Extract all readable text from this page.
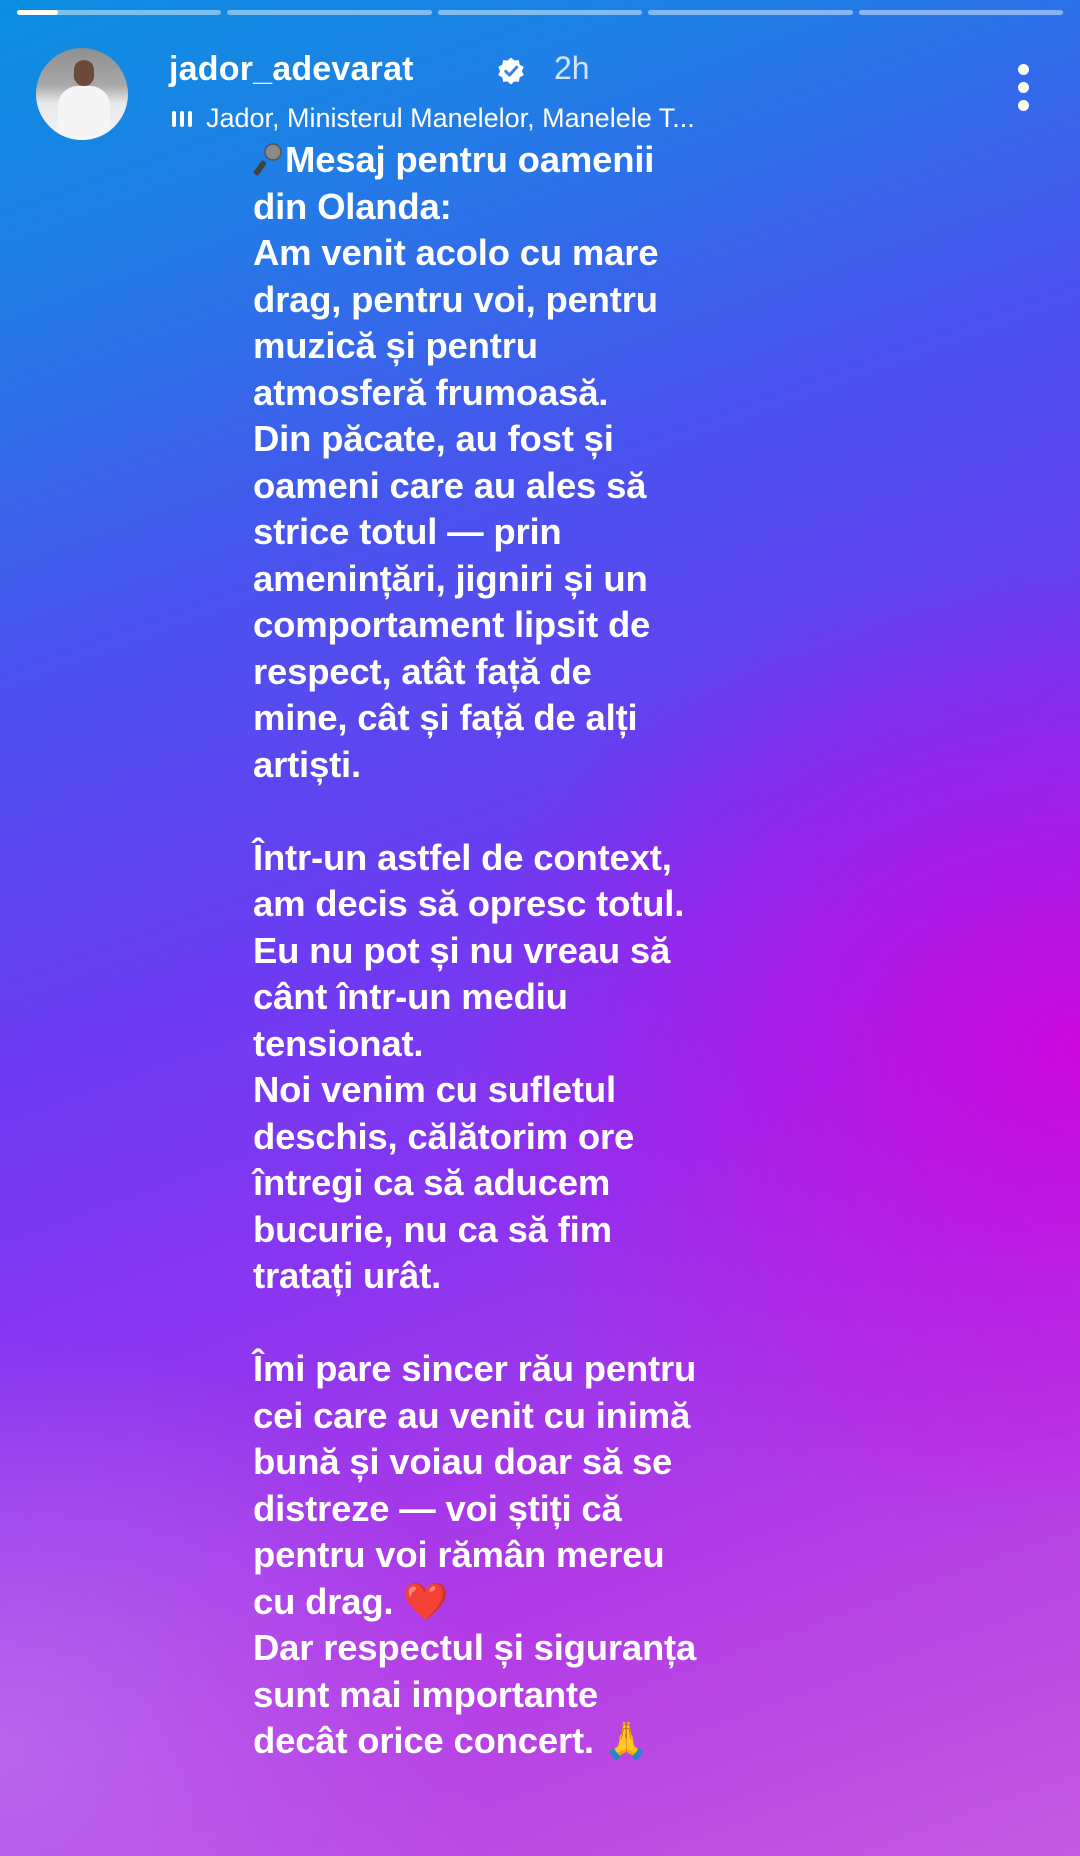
jador_adevarat	2h
Jador, Ministerul Manelelor, Manelele T...
Mesaj pentru oamenii
din Olanda:
Am venit acolo cu mare
drag, pentru voi, pentru
muzică și pentru
atmosferă frumoasă.
Din păcate, au fost și
oameni care au ales să
strice totul — prin
amenințări, jigniri și un
comportament lipsit de
respect, atât față de
mine, cât și față de alți
artiști.
Într-un astfel de context,
am decis să opresc totul.
Eu nu pot și nu vreau să
cânt într-un mediu
tensionat.
Noi venim cu sufletul
deschis, călătorim ore
întregi ca să aducem
bucurie, nu ca să fim
tratați urât.
Îmi pare sincer rău pentru
cei care au venit cu inimă
bună și voiau doar să se
distreze — voi știți că
pentru voi rămân mereu
cu drag. ❤️
Dar respectul și siguranța
sunt mai importante
decât orice concert. 🙏
